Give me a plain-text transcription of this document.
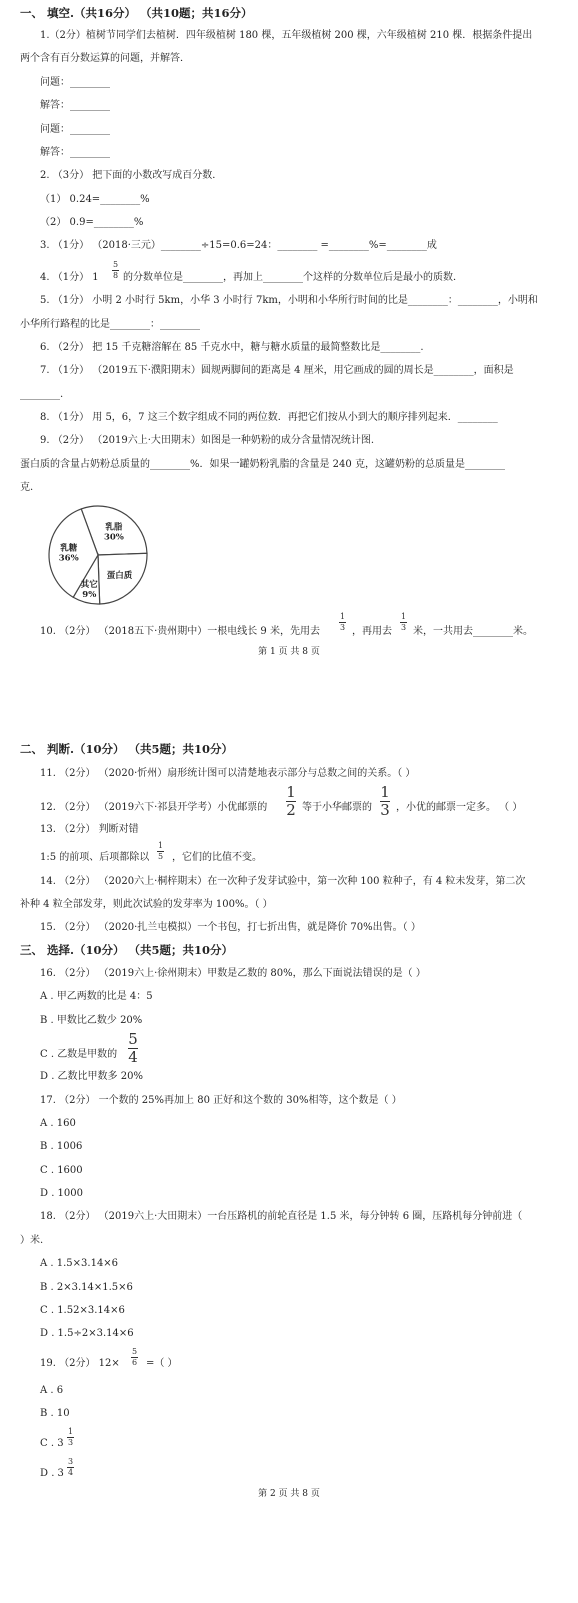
一、 填空.（共16分） （共10题；共16分）
1.（2分）植树节同学们去植树．四年级植树 180 棵，五年级植树 200 棵，六年级植树 210 棵．根据条件提出
两个含有百分数运算的问题，并解答．
问题：________
解答：________
问题：________
解答：________
2. （3分） 把下面的小数改写成百分数．
（1） 0.24=________%
（2） 0.9=________%
3. （1分） （2018·三元）________÷15=0.6=24：________ =________%=________成
4. （1分） 1
5
8 的分数单位是________，再加上________个这样的分数单位后是最小的质数．
5. （1分） 小明 2 小时行 5km，小华 3 小时行 7km，小明和小华所行时间的比是________：________，小明和
小华所行路程的比是________：________
6. （2分） 把 15 千克糖溶解在 85 千克水中，糖与糖水质量的最简整数比是________.
7. （1分） （2019五下·濮阳期末）圆规两脚间的距离是 4 厘米，用它画成的圆的周长是________，面积是
________.
8. （1分） 用 5，6，7 这三个数字组成不同的两位数．再把它们按从小到大的顺序排列起来．________
9. （2分） （2019六上·大田期末）如图是一种奶粉的成分含量情况统计图.
蛋白质的含量占奶粉总质量的________%．如果一罐奶粉乳脂的含量是 240 克，这罐奶粉的总质量是________
克.
乳脂
30%
蛋白质
其它
9%
乳糖
36%
10. （2分） （2018五下·贵州期中）一根电线长 9 米，先用去
1
3 ，再用去
1
3 米，一共用去________米。
第 1 页 共 8 页
二、 判断.（10分） （共5题；共10分）
11. （2分） （2020·忻州）扇形统计图可以清楚地表示部分与总数之间的关系。（ ）
12. （2分） （2019六下·祁县开学考）小优邮票的
1
2 等于小华邮票的
1
3 ，小优的邮票一定多。 （ ）
13. （2分） 判断对错
1:5 的前项、后项都除以
1
5 ，它们的比值不变。
14. （2分） （2020六上·桐梓期末）在一次种子发芽试验中，第一次种 100 粒种子，有 4 粒未发芽，第二次
补种 4 粒全部发芽，则此次试验的发芽率为 100%。（ ）
15. （2分） （2020·扎兰屯模拟）一个书包，打七折出售，就是降价 70%出售。（ ）
三、 选择.（10分） （共5题；共10分）
16. （2分） （2019六上·徐州期末）甲数是乙数的 80%，那么下面说法错误的是（ ）
A . 甲乙两数的比是 4：5
B . 甲数比乙数少 20%
C . 乙数是甲数的
5
4
D . 乙数比甲数多 20%
17. （2分） 一个数的 25%再加上 80 正好和这个数的 30%相等，这个数是（ ）
A . 160
B . 1006
C . 1600
D . 1000
18. （2分） （2019六上·大田期末）一台压路机的前轮直径是 1.5 米，每分钟转 6 圈，压路机每分钟前进（
）米.
A . 1.5×3.14×6
B . 2×3.14×1.5×6
C . 1.52×3.14×6
D . 1.5÷2×3.14×6
19. （2分） 12×
5
6 =（ ）
A . 6
B . 10
C . 3
1
3
D . 3
3
4
第 2 页 共 8 页
